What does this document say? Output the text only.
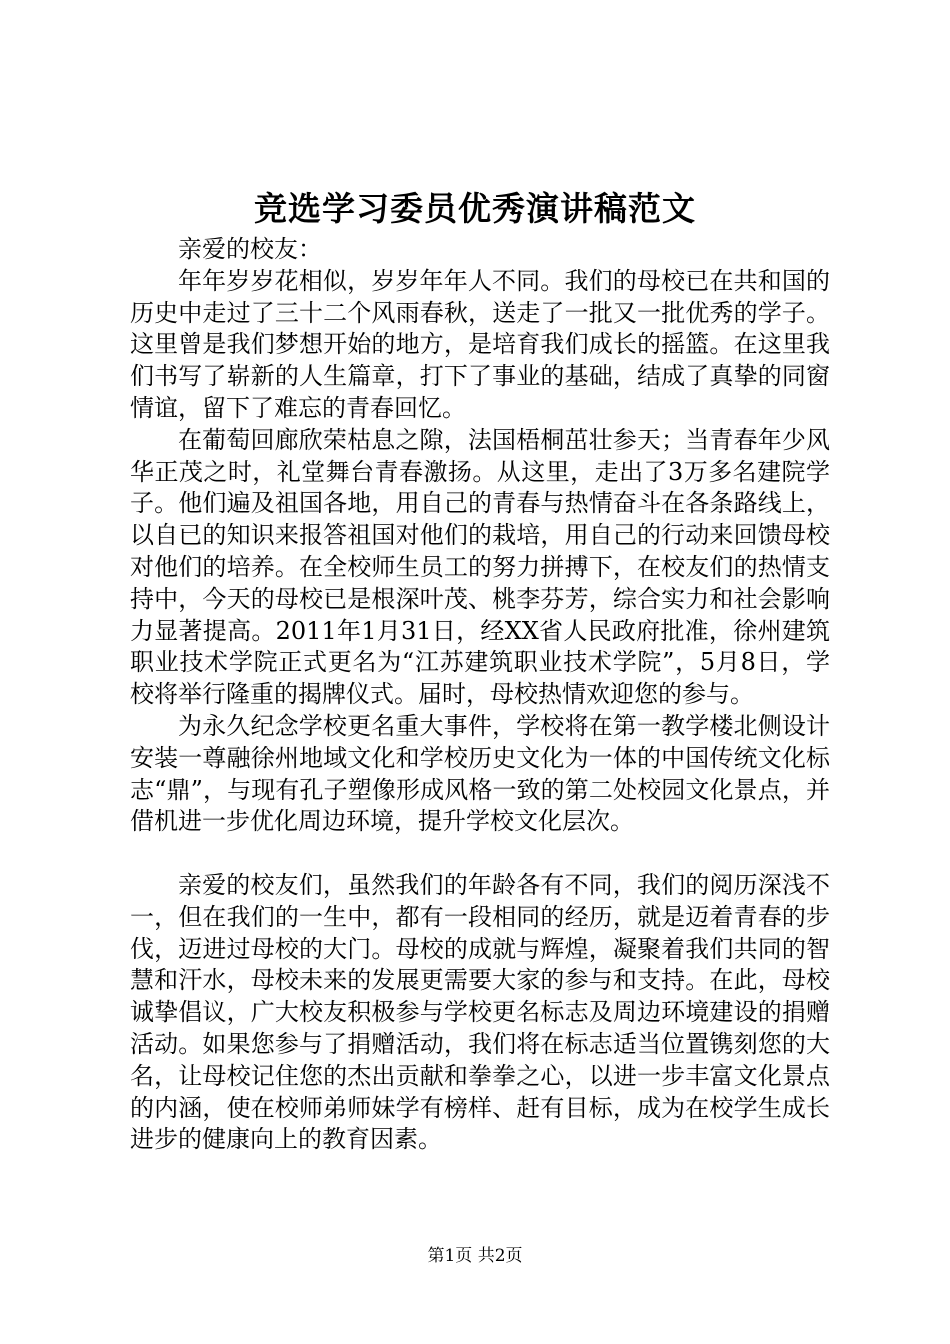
竞选学习委员优秀演讲稿范文

亲爱的校友：

年年岁岁花相似，岁岁年年人不同。我们的母校已在共和国的历史中走过了三十二个风雨春秋，送走了一批又一批优秀的学子。这里曾是我们梦想开始的地方，是培育我们成长的摇篮。在这里我们书写了崭新的人生篇章，打下了事业的基础，结成了真挚的同窗情谊，留下了难忘的青春回忆。

在葡萄回廊欣荣枯息之隙，法国梧桐茁壮参天；当青春年少风华正茂之时，礼堂舞台青春激扬。从这里，走出了3万多名建院学子。他们遍及祖国各地，用自己的青春与热情奋斗在各条路线上，以自已的知识来报答祖国对他们的栽培，用自己的行动来回馈母校对他们的培养。在全校师生员工的努力拼搏下，在校友们的热情支持中，今天的母校已是根深叶茂、桃李芬芳，综合实力和社会影响力显著提高。2011年1月31日，经XX省人民政府批准，徐州建筑职业技术学院正式更名为“江苏建筑职业技术学院”，5月8日，学校将举行隆重的揭牌仪式。届时，母校热情欢迎您的参与。

为永久纪念学校更名重大事件，学校将在第一教学楼北侧设计安装一尊融徐州地域文化和学校历史文化为一体的中国传统文化标志“鼎”，与现有孔子塑像形成风格一致的第二处校园文化景点，并借机进一步优化周边环境，提升学校文化层次。

亲爱的校友们，虽然我们的年龄各有不同，我们的阅历深浅不一，但在我们的一生中，都有一段相同的经历，就是迈着青春的步伐，迈进过母校的大门。母校的成就与辉煌，凝聚着我们共同的智慧和汗水，母校未来的发展更需要大家的参与和支持。在此，母校诚挚倡议，广大校友积极参与学校更名标志及周边环境建设的捐赠活动。如果您参与了捐赠活动，我们将在标志适当位置镌刻您的大名，让母校记住您的杰出贡献和拳拳之心，以进一步丰富文化景点的内涵，使在校师弟师妹学有榜样、赶有目标，成为在校学生成长进步的健康向上的教育因素。

第1页 共2页
